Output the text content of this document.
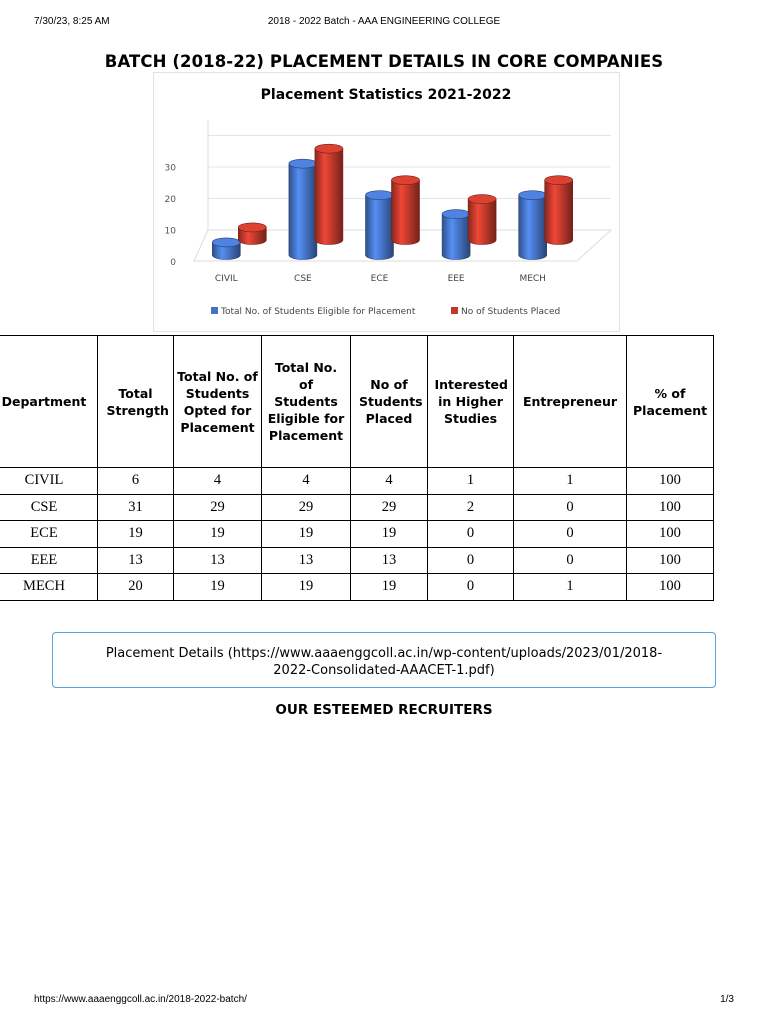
7/30/23, 8:25 AM	2018 - 2022 Batch - AAA ENGINEERING COLLEGE
BATCH (2018-22) PLACEMENT DETAILS IN CORE COMPANIES
Placement Statistics 2021-2022
0
10
20
30
CIVIL	CSE	ECE	EEE	MECH
Total No. of Students Eligible for Placement	No of Students Placed
Department	Total Strength	Total No. of Students Opted for Placement	Total No. of Students Eligible for Placement	No of Students Placed	Interested in Higher Studies	Entrepreneur	% of Placement

CIVIL	6	4	4	4	1	1	100
CSE	31	29	29	29	2	0	100
ECE	19	19	19	19	0	0	100
EEE	13	13	13	13	0	0	100
MECH	20	19	19	19	0	1	100
Placement Details (https://www.aaaenggcoll.ac.in/wp-content/uploads/2023/01/2018-
2022-Consolidated-AAACET-1.pdf)
OUR ESTEEMED RECRUITERS
https://www.aaaenggcoll.ac.in/2018-2022-batch/	1/3
